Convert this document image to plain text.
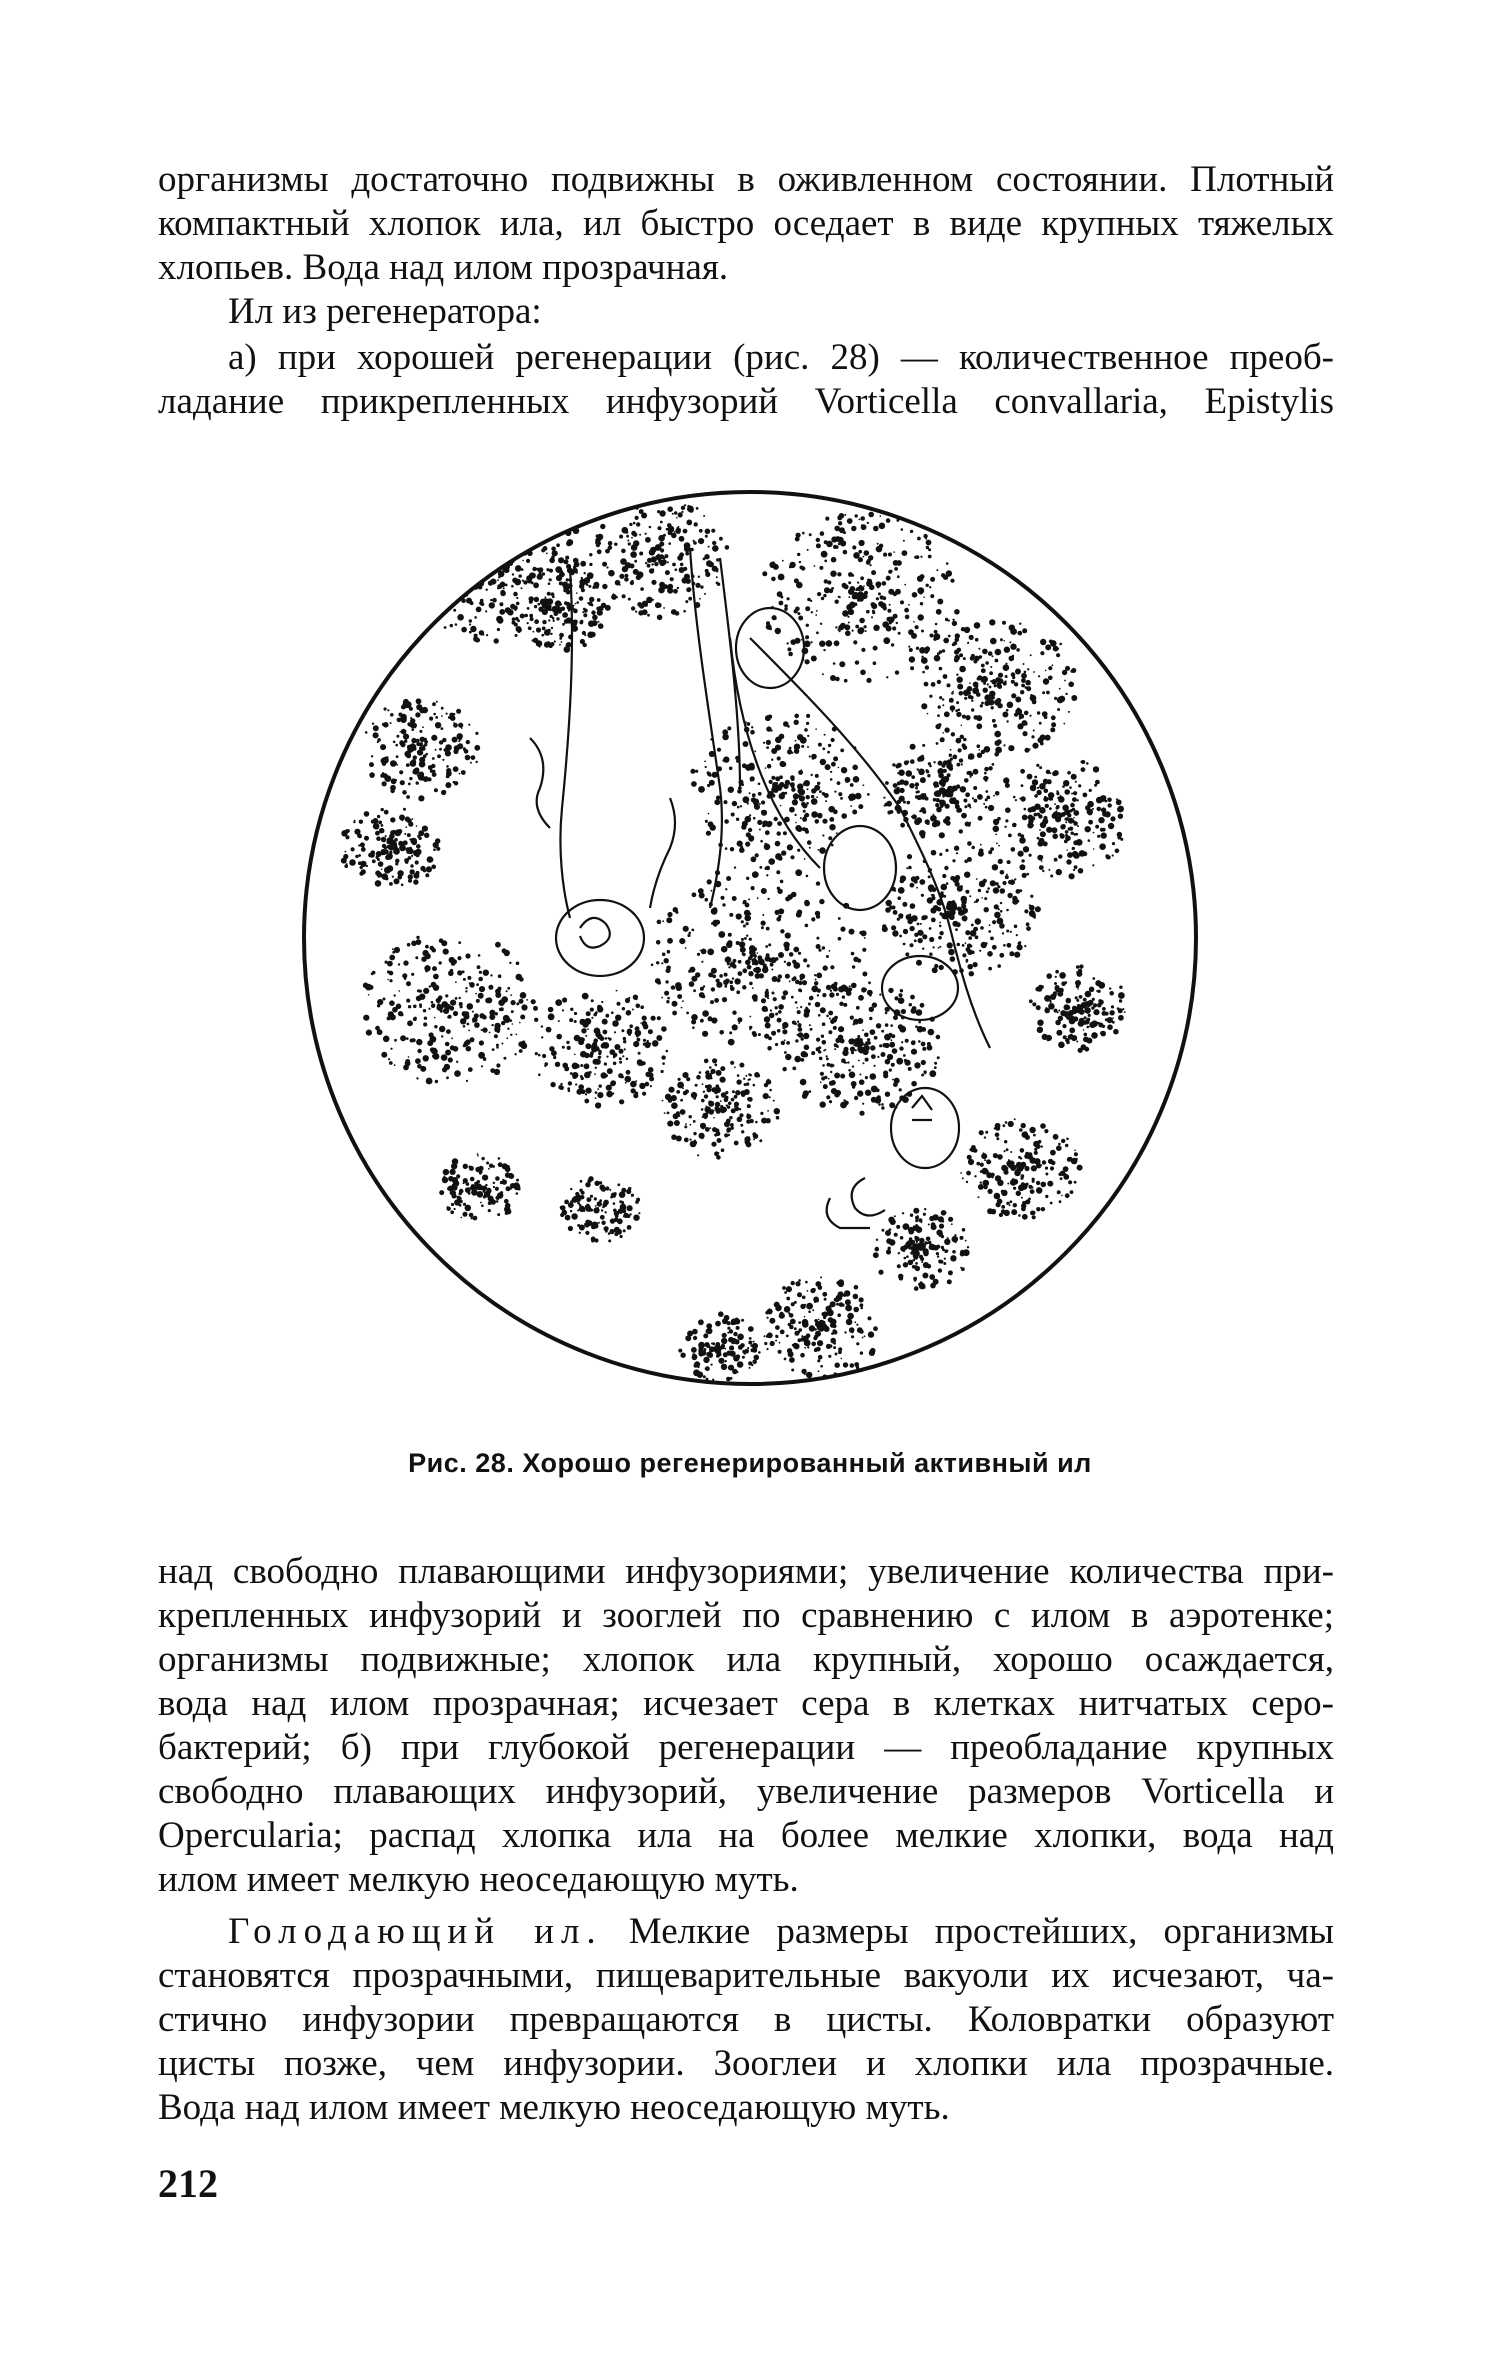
организмы достаточно подвижны в оживленном состоянии. Плотный
компактный хлопок ила, ил быстро оседает в виде крупных тяжелых
хлопьев. Вода над илом прозрачная.
Ил из регенератора:
а) при хорошей регенерации (рис. 28) — количественное преоб-
ладание прикрепленных инфузорий Vorticella convallaria, Epistylis
Рис. 28. Хорошо регенерированный активный ил
над свободно плавающими инфузориями; увеличение количества при-
крепленных инфузорий и зооглей по сравнению с илом в аэротенке;
организмы подвижные; хлопок ила крупный, хорошо осаждается,
вода над илом прозрачная; исчезает сера в клетках нитчатых серо-
бактерий; б) при глубокой регенерации — преобладание крупных
свободно плавающих инфузорий, увеличение размеров Vorticella и
Opercularia; распад хлопка ила на более мелкие хлопки, вода над
илом имеет мелкую неоседающую муть.
Голодающий ил. Мелкие размеры простейших, организмы
становятся прозрачными, пищеварительные вакуоли их исчезают, ча-
стично инфузории превращаются в цисты. Коловратки образуют
цисты позже, чем инфузории. Зооглеи и хлопки ила прозрачные.
Вода над илом имеет мелкую неоседающую муть.
212
